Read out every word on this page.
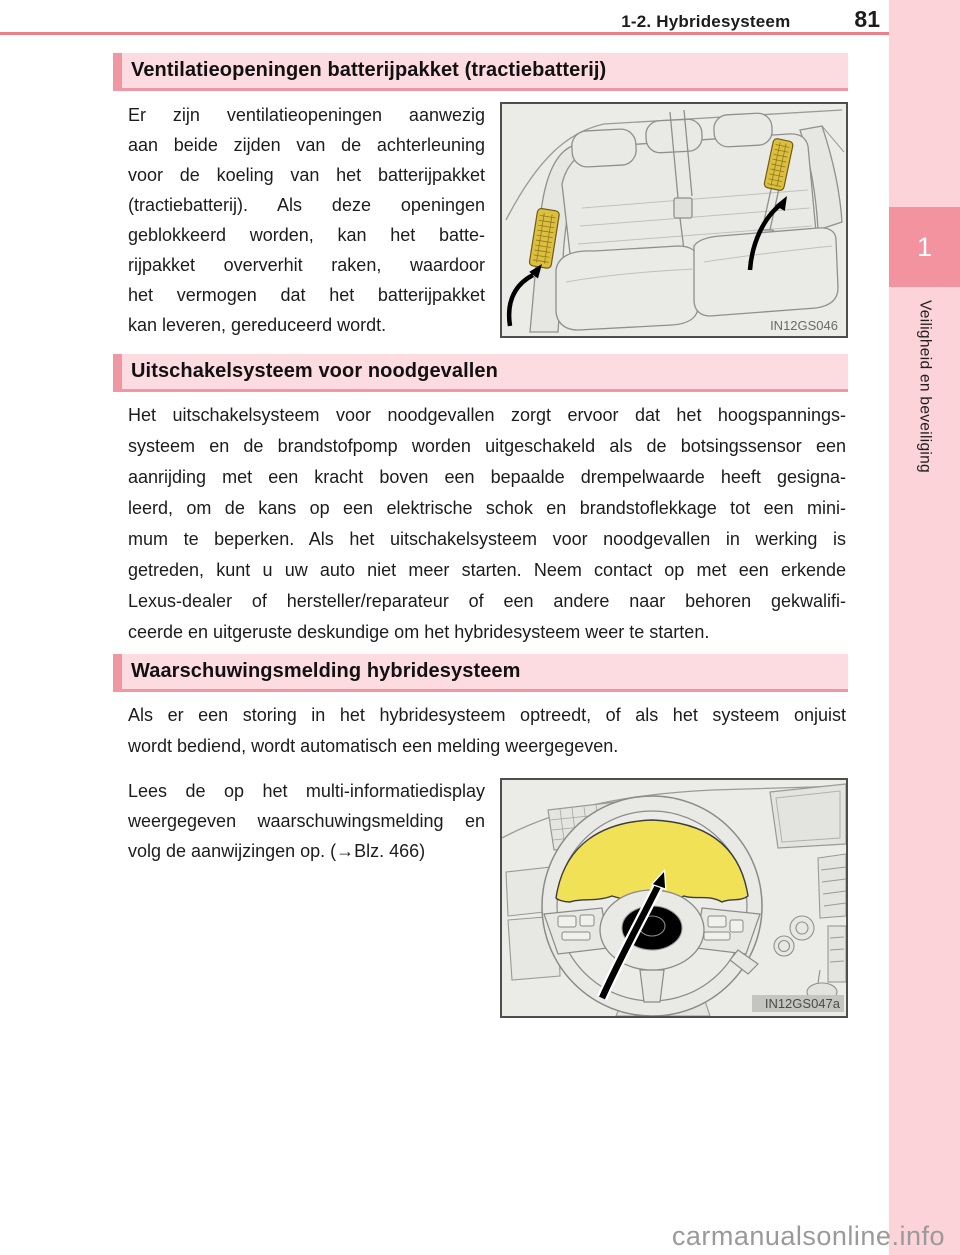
1-2. Hybridesysteem	81
1
Veiligheid en beveiliging
Ventilatieopeningen batterijpakket (tractiebatterij)
Er zijn ventilatieopeningen aanwezig
aan beide zijden van de achterleuning
voor de koeling van het batterijpakket
(tractiebatterij). Als deze openingen
geblokkeerd worden, kan het batte-
rijpakket oververhit raken, waardoor
het vermogen dat het batterijpakket
kan leveren, gereduceerd wordt.	IN12GS046
Uitschakelsysteem voor noodgevallen
Het uitschakelsysteem voor noodgevallen zorgt ervoor dat het hoogspannings-
systeem en de brandstofpomp worden uitgeschakeld als de botsingssensor een
aanrijding met een kracht boven een bepaalde drempelwaarde heeft gesigna-
leerd, om de kans op een elektrische schok en brandstoflekkage tot een mini-
mum te beperken. Als het uitschakelsysteem voor noodgevallen in werking is
getreden, kunt u uw auto niet meer starten. Neem contact op met een erkende
Lexus-dealer of hersteller/reparateur of een andere naar behoren gekwalifi-
ceerde en uitgeruste deskundige om het hybridesysteem weer te starten.
Waarschuwingsmelding hybridesysteem
Als er een storing in het hybridesysteem optreedt, of als het systeem onjuist
wordt bediend, wordt automatisch een melding weergegeven.
Lees de op het multi-informatiedisplay
weergegeven waarschuwingsmelding en
volg de aanwijzingen op. (→Blz. 466)
IN12GS047a
carmanualsonline.info
